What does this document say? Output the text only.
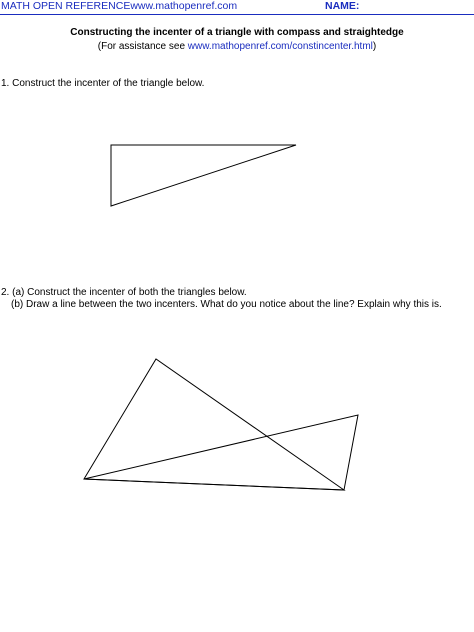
MATH OPEN REFERENCEwww.mathopenref.com	NAME:
Constructing the incenter of a triangle with compass and straightedge
(For assistance see www.mathopenref.com/constincenter.html)
1. Construct the incenter of the triangle below.
2. (a) Construct the incenter of both the triangles below.
(b) Draw a line between the two incenters. What do you notice about the line? Explain why this is.
